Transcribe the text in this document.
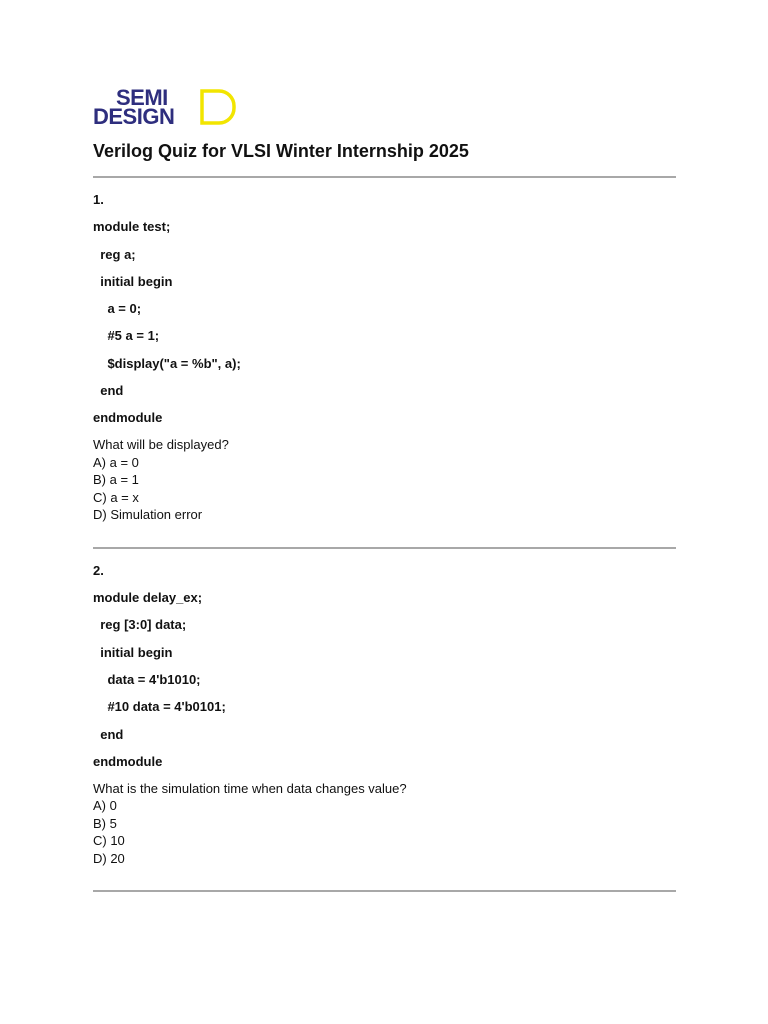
SEMI
DESIGN
Verilog Quiz for VLSI Winter Internship 2025
1.
module test;
reg a;
initial begin
a = 0;
#5 a = 1;
$display("a = %b", a);
end
endmodule
What will be displayed?
A) a = 0
B) a = 1
C) a = x
D) Simulation error
2.
module delay_ex;
reg [3:0] data;
initial begin
data = 4'b1010;
#10 data = 4'b0101;
end
endmodule
What is the simulation time when data changes value?
A) 0
B) 5
C) 10
D) 20
